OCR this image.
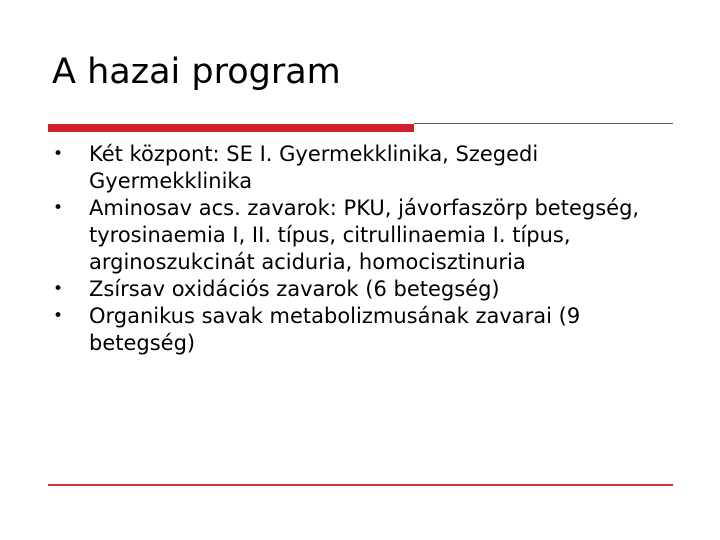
A hazai program
• Két központ: SE I. Gyermekklinika, Szegedi Gyermekklinika
• Aminosav acs. zavarok: PKU, jávorfaszörp betegség, tyrosinaemia I, II. típus, citrullinaemia I. típus, arginoszukcinát aciduria, homocisztinuria
• Zsírsav oxidációs zavarok (6 betegség)
• Organikus savak metabolizmusának zavarai (9 betegség)
